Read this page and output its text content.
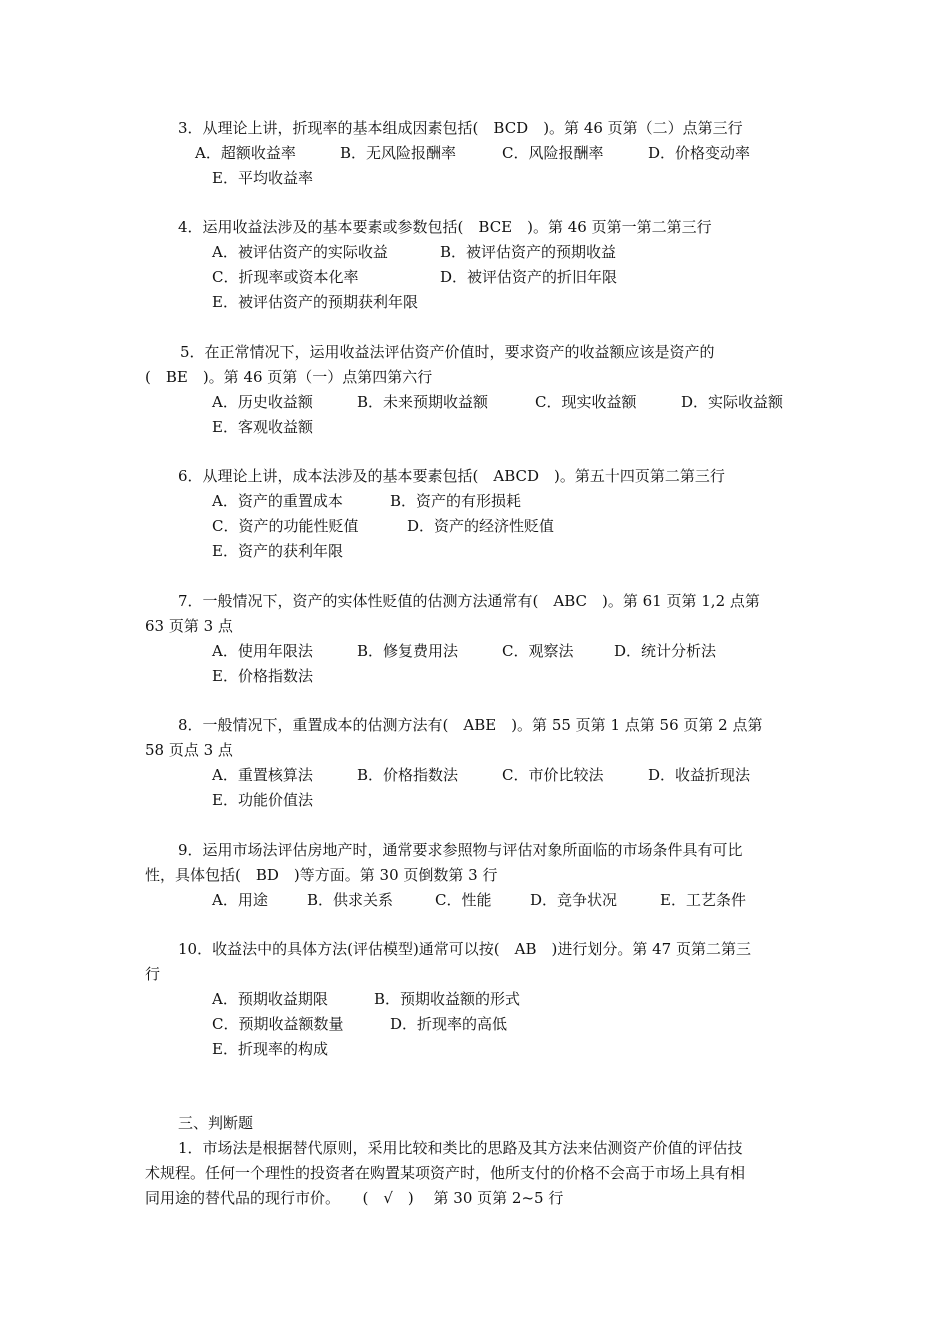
3．从理论上讲，折现率的基本组成因素包括(　BCD　)。第 46 页第（二）点第三行
A．超额收益率	B．无风险报酬率	C．风险报酬率	D．价格变动率
E．平均收益率
4．运用收益法涉及的基本要素或参数包括(　BCE　)。第 46 页第一第二第三行
A．被评估资产的实际收益	B．被评估资产的预期收益
C．折现率或资本化率	D．被评估资产的折旧年限
E．被评估资产的预期获利年限
5．在正常情况下，运用收益法评估资产价值时，要求资产的收益额应该是资产的
(　BE　)。第 46 页第（一）点第四第六行
A．历史收益额	B．未来预期收益额	C．现实收益额	D．实际收益额
E．客观收益额
6．从理论上讲，成本法涉及的基本要素包括(　ABCD　)。第五十四页第二第三行
A．资产的重置成本	B．资产的有形损耗
C．资产的功能性贬值	D．资产的经济性贬值
E．资产的获利年限
7．一般情况下，资产的实体性贬值的估测方法通常有(　ABC　)。第 61 页第 1,2 点第
63 页第 3 点
A．使用年限法	B．修复费用法	C．观察法	D．统计分析法
E．价格指数法
8．一般情况下，重置成本的估测方法有(　ABE　)。第 55 页第 1 点第 56 页第 2 点第
58 页点 3 点
A．重置核算法	B．价格指数法	C．市价比较法	D．收益折现法
E．功能价值法
9．运用市场法评估房地产时，通常要求参照物与评估对象所面临的市场条件具有可比
性，具体包括(　BD　)等方面。第 30 页倒数第 3 行
A．用途	B．供求关系	C．性能	D．竞争状况	E．工艺条件
10．收益法中的具体方法(评估模型)通常可以按(　AB　)进行划分。第 47 页第二第三
行
A．预期收益期限	B．预期收益额的形式
C．预期收益额数量	D．折现率的高低
E．折现率的构成
三、判断题
1．市场法是根据替代原则，采用比较和类比的思路及其方法来估测资产价值的评估技
术规程。任何一个理性的投资者在购置某项资产时，他所支付的价格不会高于市场上具有相
同用途的替代品的现行市价。　　(　√　)　 第 30 页第 2~5 行
